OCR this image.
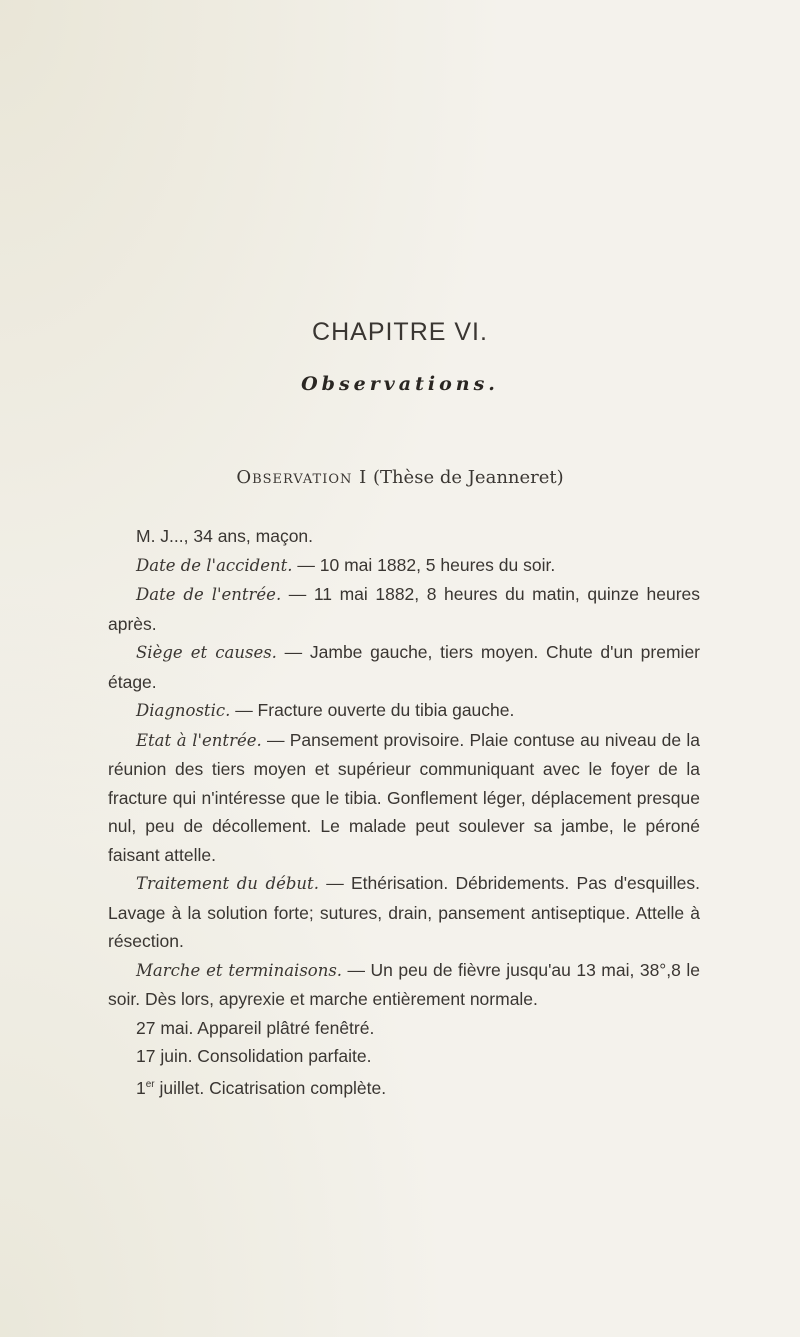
CHAPITRE VI.
Observations.
Observation I (Thèse de Jeanneret)

M. J..., 34 ans, maçon.

Date de l'accident. — 10 mai 1882, 5 heures du soir.

Date de l'entrée. — 11 mai 1882, 8 heures du matin, quinze heures après.

Siège et causes. — Jambe gauche, tiers moyen. Chute d'un premier étage.

Diagnostic. — Fracture ouverte du tibia gauche.

Etat à l'entrée. — Pansement provisoire. Plaie contuse au niveau de la réunion des tiers moyen et supérieur communiquant avec le foyer de la fracture qui n'intéresse que le tibia. Gonflement léger, déplacement presque nul, peu de décollement. Le malade peut soulever sa jambe, le péroné faisant attelle.

Traitement du début. — Ethérisation. Débridements. Pas d'esquilles. Lavage à la solution forte; sutures, drain, pansement antiseptique. Attelle à résection.

Marche et terminaisons. — Un peu de fièvre jusqu'au 13 mai, 38°,8 le soir. Dès lors, apyrexie et marche entièrement normale.

27 mai. Appareil plâtré fenêtré.

17 juin. Consolidation parfaite.

1er juillet. Cicatrisation complète.
